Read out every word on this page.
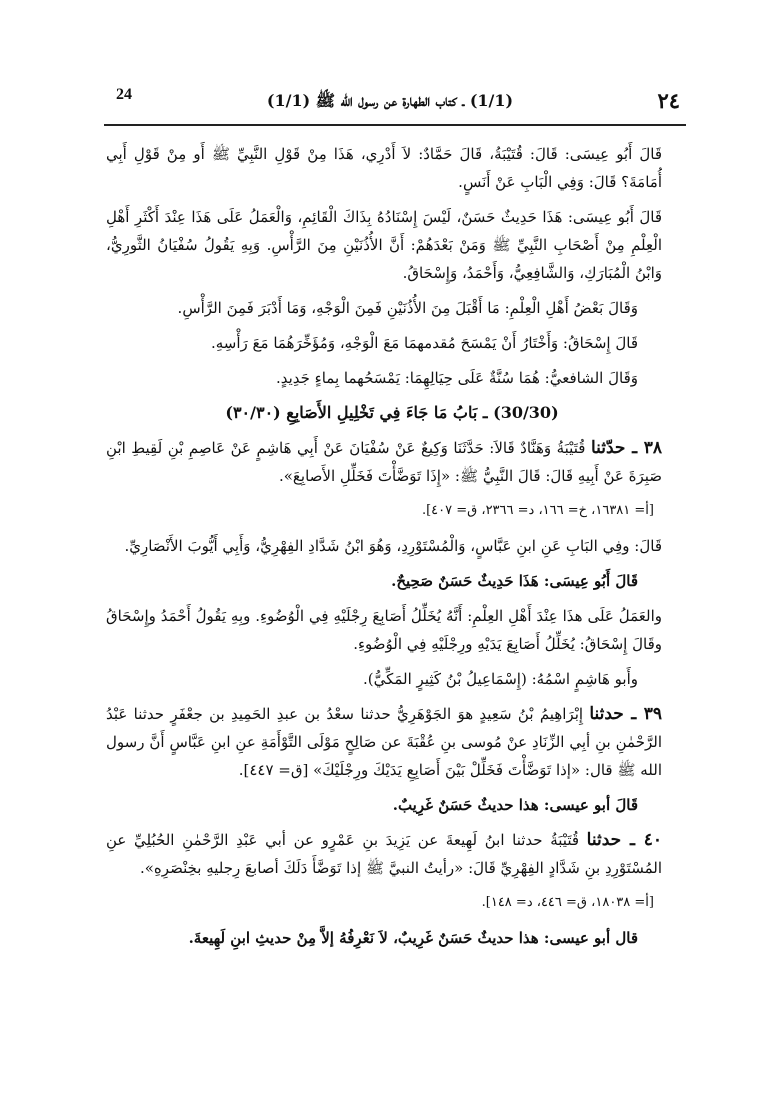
24	(1/1) ـ كتاب الطهارة عن رسول الله ﷺ (1/1)	٢٤

قَالَ أَبُو عِيسَى: قَالَ: قُتَيْبَةُ، قَالَ حَمَّادٌ: لاَ أَدْرِي، هَذَا مِنْ قَوْلِ النَّبِيِّ ﷺ أَو مِنْ قَوْلِ أَبِي أُمَامَةَ؟ قَالَ: وَفِي الْبَابِ عَنْ أَنَسٍ.

قَالَ أَبُو عِيسَى: هَذَا حَدِيثٌ حَسَنٌ، لَيْسَ إِسْنَادُهُ بِذَاكَ الْقَائِمِ، وَالْعَمَلُ عَلَى هَذَا عِنْدَ أَكْثَرِ أَهْلِ الْعِلْمِ مِنْ أَصْحَابِ النَّبِيِّ ﷺ وَمَنْ بَعْدَهُمْ: أَنَّ الأُذُنَيْنِ مِنَ الرَّأْسِ. وَبِهِ يَقُولُ سُفْيَانُ الثَّورِيُّ، وَابْنُ الْمُبَارَكِ، وَالشَّافِعِيُّ، وَأَحْمَدُ، وَإِسْحَاقُ.

وَقَالَ بَعْضُ أَهْلِ الْعِلْمِ: مَا أَقْبَلَ مِنَ الأُذُنَيْنِ فَمِنَ الْوَجْهِ، وَمَا أَدْبَرَ فَمِنَ الرَّأْسِ.

قَالَ إِسْحَاقُ: وَأَخْتَارُ أَنْ يَمْسَحَ مُقدمهمَا مَعَ الْوَجْهِ، وَمُؤَخِّرَهُمَا مَعَ رَأْسِهِ.

وَقَالَ الشافعيُّ: هُمَا سُنَّةٌ عَلَى حِيَالِهِمَا: يَمْسَحُهما بِماءٍ جَدِيدٍ.

(30/30) ـ بَابُ مَا جَاءَ فِي تَخْلِيلِ الأَصَابِعِ (٣٠/٣٠)

٣٨ ـ حدّثنا قُتَيْبَةُ وَهَنَّادٌ قَالاَ: حَدَّثَنَا وَكِيعٌ عَنْ سُفْيَانَ عَنْ أَبِي هَاشِمٍ عَنْ عَاصِمِ بْنِ لَقِيطِ ابْنِ صَبِرَةَ عَنْ أَبِيهِ قَالَ: قَالَ النَّبِيُّ ﷺ: «إِذَا تَوَضَّأْتَ فَخَلِّلِ الأَصابِعَ».

[أ= ١٦٣٨١، خ= ١٦٦، د= ٢٣٦٦، ق= ٤٠٧].

قَالَ: وفِي البَابِ عَنِ ابنِ عَبَّاسٍ، وَالْمُسْتَوْرِدِ، وَهُوَ ابْنُ شَدَّادِ الفِهْرِيُّ، وَأَبِي أَيُّوبَ الأَنْصَارِيِّ.

قَالَ أَبُو عِيسَى: هَذَا حَدِيثٌ حَسَنٌ صَحِيحٌ.

والعَمَلُ عَلَى هذَا عِنْدَ أَهْلِ العِلْمِ: أَنَّهُ يُخَلِّلُ أَصَابِعَ رِجْلَيْهِ فِي الْوُضُوءِ. وبِهِ يَقُولُ أَحْمَدُ وإِسْحَاقُ وقَالَ إِسْحَاقُ: يُخَلِّلُ أَصَابِعَ يَدَيْهِ ورِجْلَيْهِ فِي الْوُضُوءِ.

وأَبو هَاشِمٍ اسْمُهُ: (إِسْمَاعِيلُ بْنُ كَثِيرٍ المَكِّيُّ).

٣٩ ـ حدثنا إِبْرَاهِيمُ بْنُ سَعِيدٍ هوَ الجَوْهَرِيُّ حدثنا سعْدُ بن عبدِ الحَمِيدِ بن جعْفَرٍ حدثنا عَبْدُ الرَّحْمٰنِ بنِ أبِي الزِّنَادِ عنْ مُوسى بنِ عُقْبَةَ عن صَالِحٍ مَوْلَى التَّوْأَمَةِ عنِ ابنِ عَبَّاسٍ أَنَّ رسول الله ﷺ قال: «إذا تَوَضَّأْتَ فَخَلِّلْ بَيْنَ أَصَابِعِ يَدَيْكَ ورِجْلَيْكَ» [ق= ٤٤٧].

قَالَ أبو عيسى: هذا حديثٌ حَسَنٌ غَرِيبٌ.

٤٠ ـ حدثنا قُتَيْبَةُ حدثنا ابنُ لَهِيعةَ عن يَزِيدَ بنِ عَمْرٍو عن أبي عَبْدِ الرَّحْمٰنِ الحُبُلِيِّ عنِ المُسْتَوْرِدِ بنِ شَدَّادٍ الفِهْرِيِّ قَالَ: «رأيتُ النبيَّ ﷺ إذا تَوَضَّأَ دَلَكَ أصابعَ رِجليهِ بخِنْصَرِهِ».

[أ= ١٨٠٣٨، ق= ٤٤٦، د= ١٤٨].

قال أبو عيسى: هذا حديثٌ حَسَنٌ غَرِيبٌ، لاَ نَعْرِفُهُ إلاَّ مِنْ حديثِ ابنِ لَهِيعةَ.
